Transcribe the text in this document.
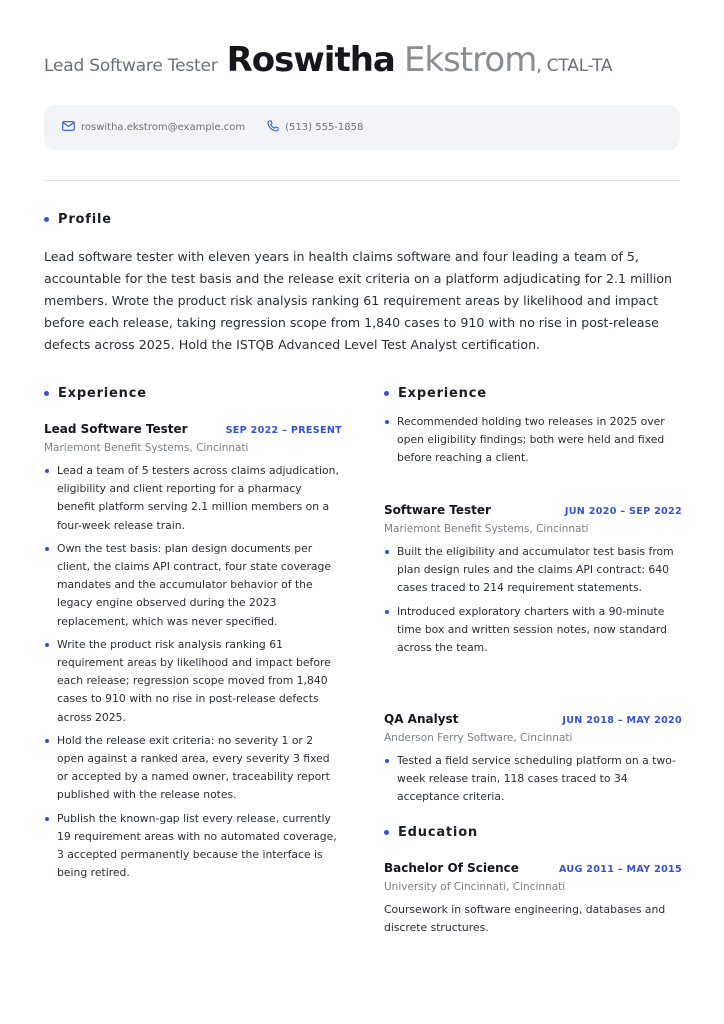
Lead Software Tester Roswitha Ekstrom, CTAL-TA
roswitha.ekstrom@example.com	(513) 555-1858
Profile
Lead software tester with eleven years in health claims software and four leading a team of 5, accountable for the test basis and the release exit criteria on a platform adjudicating for 2.1 million members. Wrote the product risk analysis ranking 61 requirement areas by likelihood and impact before each release, taking regression scope from 1,840 cases to 910 with no rise in post-release defects across 2025. Hold the ISTQB Advanced Level Test Analyst certification.
Experience
Lead Software Tester	SEP 2022 – PRESENT
Mariemont Benefit Systems, Cincinnati
Lead a team of 5 testers across claims adjudication, eligibility and client reporting for a pharmacy benefit platform serving 2.1 million members on a four-week release train.
Own the test basis: plan design documents per client, the claims API contract, four state coverage mandates and the accumulator behavior of the legacy engine observed during the 2023 replacement, which was never specified.
Write the product risk analysis ranking 61 requirement areas by likelihood and impact before each release; regression scope moved from 1,840 cases to 910 with no rise in post-release defects across 2025.
Hold the release exit criteria: no severity 1 or 2 open against a ranked area, every severity 3 fixed or accepted by a named owner, traceability report published with the release notes.
Publish the known-gap list every release, currently 19 requirement areas with no automated coverage, 3 accepted permanently because the interface is being retired.
Experience
Recommended holding two releases in 2025 over open eligibility findings; both were held and fixed before reaching a client.
Software Tester	JUN 2020 – SEP 2022
Mariemont Benefit Systems, Cincinnati
Built the eligibility and accumulator test basis from plan design rules and the claims API contract: 640 cases traced to 214 requirement statements.
Introduced exploratory charters with a 90-minute time box and written session notes, now standard across the team.
QA Analyst	JUN 2018 – MAY 2020
Anderson Ferry Software, Cincinnati
Tested a field service scheduling platform on a two-week release train, 118 cases traced to 34 acceptance criteria.
Education
Bachelor Of Science	AUG 2011 – MAY 2015
University of Cincinnati, Cincinnati
Coursework in software engineering, databases and discrete structures.
